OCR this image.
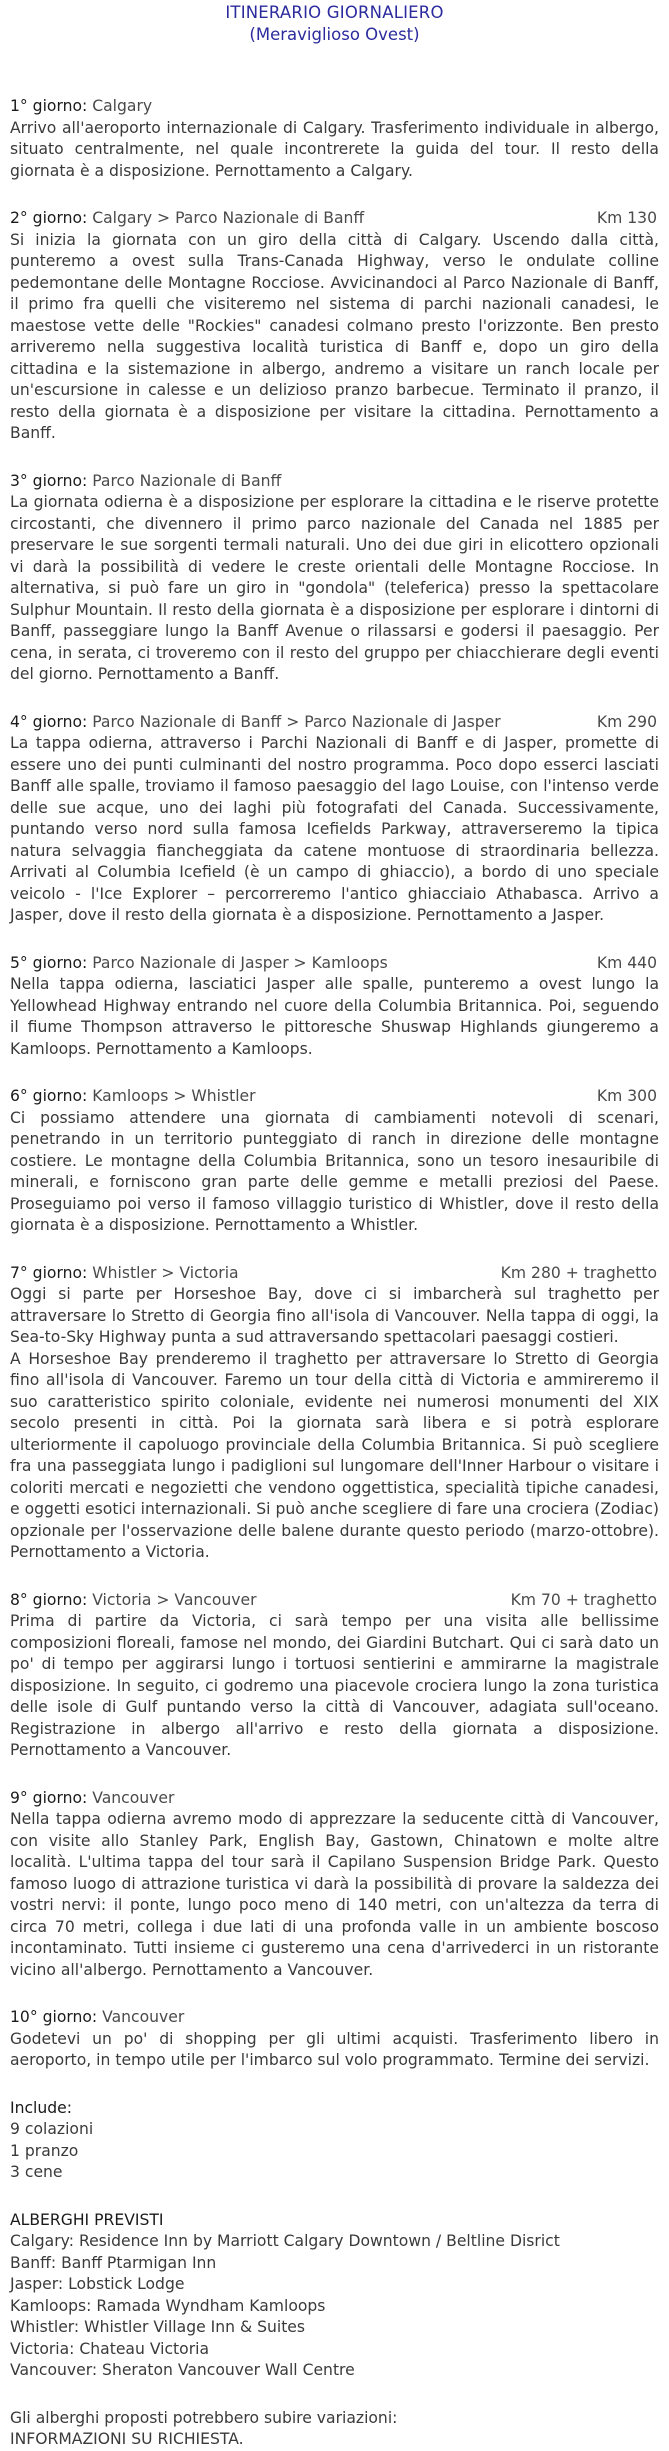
ITINERARIO GIORNALIERO
(Meraviglioso Ovest)
1° giorno: Calgary

Arrivo all'aeroporto internazionale di Calgary. Trasferimento individuale in albergo, situato centralmente, nel quale incontrerete la guida del tour. Il resto della giornata è a disposizione. Pernottamento a Calgary.

2° giorno: Calgary > Parco Nazionale di Banff	Km 130

Si inizia la giornata con un giro della città di Calgary. Uscendo dalla città, punteremo a ovest sulla Trans-Canada Highway, verso le ondulate colline pedemontane delle Montagne Rocciose. Avvicinandoci al Parco Nazionale di Banff, il primo fra quelli che visiteremo nel sistema di parchi nazionali canadesi, le maestose vette delle "Rockies" canadesi colmano presto l'orizzonte. Ben presto arriveremo nella suggestiva località turistica di Banff e, dopo un giro della cittadina e la sistemazione in albergo, andremo a visitare un ranch locale per un'escursione in calesse e un delizioso pranzo barbecue. Terminato il pranzo, il resto della giornata è a disposizione per visitare la cittadina. Pernottamento a Banff.

3° giorno: Parco Nazionale di Banff

La giornata odierna è a disposizione per esplorare la cittadina e le riserve protette circostanti, che divennero il primo parco nazionale del Canada nel 1885 per preservare le sue sorgenti termali naturali. Uno dei due giri in elicottero opzionali vi darà la possibilità di vedere le creste orientali delle Montagne Rocciose. In alternativa, si può fare un giro in "gondola" (teleferica) presso la spettacolare Sulphur Mountain. Il resto della giornata è a disposizione per esplorare i dintorni di Banff, passeggiare lungo la Banff Avenue o rilassarsi e godersi il paesaggio. Per cena, in serata, ci troveremo con il resto del gruppo per chiacchierare degli eventi del giorno. Pernottamento a Banff.

4° giorno: Parco Nazionale di Banff > Parco Nazionale di Jasper	Km 290

La tappa odierna, attraverso i Parchi Nazionali di Banff e di Jasper, promette di essere uno dei punti culminanti del nostro programma. Poco dopo esserci lasciati Banff alle spalle, troviamo il famoso paesaggio del lago Louise, con l'intenso verde delle sue acque, uno dei laghi più fotografati del Canada. Successivamente, puntando verso nord sulla famosa Icefields Parkway, attraverseremo la tipica natura selvaggia fiancheggiata da catene montuose di straordinaria bellezza. Arrivati al Columbia Icefield (è un campo di ghiaccio), a bordo di uno speciale veicolo - l'Ice Explorer – percorreremo l'antico ghiacciaio Athabasca. Arrivo a Jasper, dove il resto della giornata è a disposizione. Pernottamento a Jasper.

5° giorno: Parco Nazionale di Jasper > Kamloops	Km 440

Nella tappa odierna, lasciatici Jasper alle spalle, punteremo a ovest lungo la Yellowhead Highway entrando nel cuore della Columbia Britannica. Poi, seguendo il fiume Thompson attraverso le pittoresche Shuswap Highlands giungeremo a Kamloops. Pernottamento a Kamloops.

6° giorno: Kamloops > Whistler	Km 300

Ci possiamo attendere una giornata di cambiamenti notevoli di scenari, penetrando in un territorio punteggiato di ranch in direzione delle montagne costiere. Le montagne della Columbia Britannica, sono un tesoro inesauribile di minerali, e forniscono gran parte delle gemme e metalli preziosi del Paese. Proseguiamo poi verso il famoso villaggio turistico di Whistler, dove il resto della giornata è a disposizione. Pernottamento a Whistler.

7° giorno: Whistler > Victoria	Km 280 + traghetto

Oggi si parte per Horseshoe Bay, dove ci si imbarcherà sul traghetto per attraversare lo Stretto di Georgia fino all'isola di Vancouver. Nella tappa di oggi, la Sea-to-Sky Highway punta a sud attraversando spettacolari paesaggi costieri.

A Horseshoe Bay prenderemo il traghetto per attraversare lo Stretto di Georgia fino all'isola di Vancouver. Faremo un tour della città di Victoria e ammireremo il suo caratteristico spirito coloniale, evidente nei numerosi monumenti del XIX secolo presenti in città. Poi la giornata sarà libera e si potrà esplorare ulteriormente il capoluogo provinciale della Columbia Britannica. Si può scegliere fra una passeggiata lungo i padiglioni sul lungomare dell'Inner Harbour o visitare i coloriti mercati e negozietti che vendono oggettistica, specialità tipiche canadesi, e oggetti esotici internazionali. Si può anche scegliere di fare una crociera (Zodiac) opzionale per l'osservazione delle balene durante questo periodo (marzo-ottobre). Pernottamento a Victoria.

8° giorno: Victoria > Vancouver	Km 70 + traghetto

Prima di partire da Victoria, ci sarà tempo per una visita alle bellissime composizioni floreali, famose nel mondo, dei Giardini Butchart. Qui ci sarà dato un po' di tempo per aggirarsi lungo i tortuosi sentierini e ammirarne la magistrale disposizione. In seguito, ci godremo una piacevole crociera lungo la zona turistica delle isole di Gulf puntando verso la città di Vancouver, adagiata sull'oceano. Registrazione in albergo all'arrivo e resto della giornata a disposizione. Pernottamento a Vancouver.

9° giorno: Vancouver

Nella tappa odierna avremo modo di apprezzare la seducente città di Vancouver, con visite allo Stanley Park, English Bay, Gastown, Chinatown e molte altre località. L'ultima tappa del tour sarà il Capilano Suspension Bridge Park. Questo famoso luogo di attrazione turistica vi darà la possibilità di provare la saldezza dei vostri nervi: il ponte, lungo poco meno di 140 metri, con un'altezza da terra di circa 70 metri, collega i due lati di una profonda valle in un ambiente boscoso incontaminato. Tutti insieme ci gusteremo una cena d'arrivederci in un ristorante vicino all'albergo. Pernottamento a Vancouver.

10° giorno: Vancouver

Godetevi un po' di shopping per gli ultimi acquisti. Trasferimento libero in aeroporto, in tempo utile per l'imbarco sul volo programmato. Termine dei servizi.

Include:
9 colazioni
1 pranzo
3 cene
ALBERGHI PREVISTI
Calgary: Residence Inn by Marriott Calgary Downtown / Beltline Disrict
Banff: Banff Ptarmigan Inn
Jasper: Lobstick Lodge
Kamloops: Ramada Wyndham Kamloops
Whistler: Whistler Village Inn & Suites
Victoria: Chateau Victoria
Vancouver: Sheraton Vancouver Wall Centre
Gli alberghi proposti potrebbero subire variazioni:
INFORMAZIONI SU RICHIESTA.
